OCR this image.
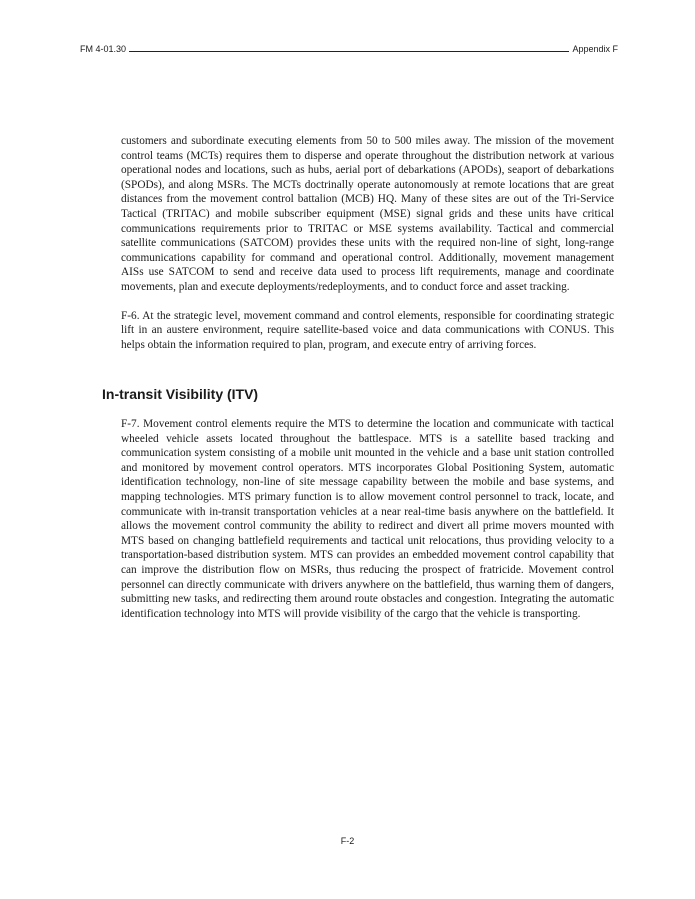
FM 4-01.30	Appendix F

customers and subordinate executing elements from 50 to 500 miles away. The mission of the movement control teams (MCTs) requires them to disperse and operate throughout the distribution network at various operational nodes and locations, such as hubs, aerial port of debarkations (APODs), seaport of debarkations (SPODs), and along MSRs. The MCTs doctrinally operate autonomously at remote locations that are great distances from the movement control battalion (MCB) HQ. Many of these sites are out of the Tri-Service Tactical (TRITAC) and mobile subscriber equipment (MSE) signal grids and these units have critical communications requirements prior to TRITAC or MSE systems availability. Tactical and commercial satellite communications (SATCOM) provides these units with the required non-line of sight, long-range communications capability for command and operational control. Additionally, movement management AISs use SATCOM to send and receive data used to process lift requirements, manage and coordinate movements, plan and execute deployments/redeployments, and to conduct force and asset tracking.

F-6. At the strategic level, movement command and control elements, responsible for coordinating strategic lift in an austere environment, require satellite-based voice and data communications with CONUS. This helps obtain the information required to plan, program, and execute entry of arriving forces.

In-transit Visibility (ITV)

F-7. Movement control elements require the MTS to determine the location and communicate with tactical wheeled vehicle assets located throughout the battlespace. MTS is a satellite based tracking and communication system consisting of a mobile unit mounted in the vehicle and a base unit station controlled and monitored by movement control operators. MTS incorporates Global Positioning System, automatic identification technology, non-line of site message capability between the mobile and base systems, and mapping technologies. MTS primary function is to allow movement control personnel to track, locate, and communicate with in-transit transportation vehicles at a near real-time basis anywhere on the battlefield. It allows the movement control community the ability to redirect and divert all prime movers mounted with MTS based on changing battlefield requirements and tactical unit relocations, thus providing velocity to a transportation-based distribution system. MTS can provides an embedded movement control capability that can improve the distribution flow on MSRs, thus reducing the prospect of fratricide. Movement control personnel can directly communicate with drivers anywhere on the battlefield, thus warning them of dangers, submitting new tasks, and redirecting them around route obstacles and congestion. Integrating the automatic identification technology into MTS will provide visibility of the cargo that the vehicle is transporting.

F-2
